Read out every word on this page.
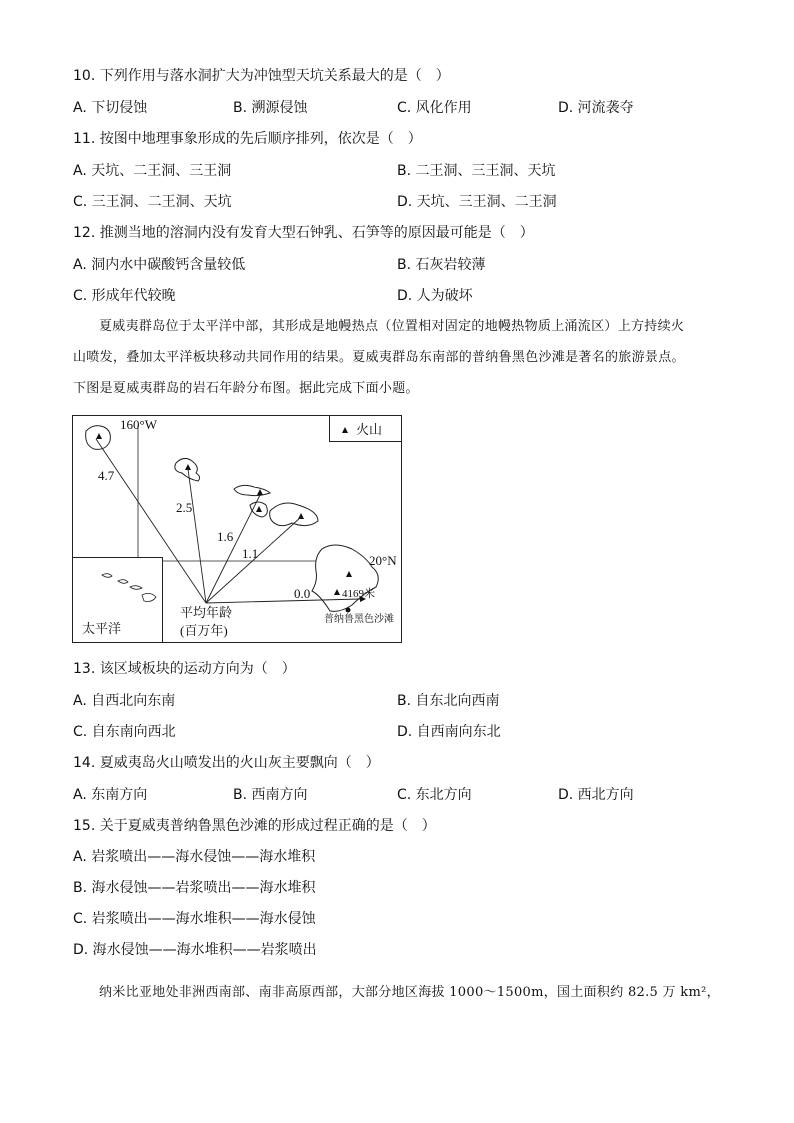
10. 下列作用与落水洞扩大为冲蚀型天坑关系最大的是（　）
A. 下切侵蚀	B. 溯源侵蚀	C. 风化作用	D. 河流袭夺
11. 按图中地理事象形成的先后顺序排列，依次是（　）
A. 天坑、二王洞、三王洞	B. 二王洞、三王洞、天坑
C. 三王洞、二王洞、天坑	D. 天坑、三王洞、二王洞
12. 推测当地的溶洞内没有发育大型石钟乳、石笋等的原因最可能是（　）
A. 洞内水中碳酸钙含量较低	B. 石灰岩较薄
C. 形成年代较晚	D. 人为破坏
夏威夷群岛位于太平洋中部，其形成是地幔热点（位置相对固定的地幔热物质上涌流区）上方持续火
山喷发，叠加太平洋板块移动共同作用的结果。夏威夷群岛东南部的普纳鲁黑色沙滩是著名的旅游景点。
下图是夏威夷群岛的岩石年龄分布图。据此完成下面小题。
160°W
20°N
火山
4.7
2.5
1.6
1.1
0.0
平均年龄
(百万年)
4169米
普纳鲁黑色沙滩
太平洋
13. 该区域板块的运动方向为（　）
A. 自西北向东南	B. 自东北向西南
C. 自东南向西北	D. 自西南向东北
14. 夏威夷岛火山喷发出的火山灰主要飘向（　）
A. 东南方向	B. 西南方向	C. 东北方向	D. 西北方向
15. 关于夏威夷普纳鲁黑色沙滩的形成过程正确的是（　）
A. 岩浆喷出——海水侵蚀——海水堆积
B. 海水侵蚀——岩浆喷出——海水堆积
C. 岩浆喷出——海水堆积——海水侵蚀
D. 海水侵蚀——海水堆积——岩浆喷出
纳米比亚地处非洲西南部、南非高原西部，大部分地区海拔 1000～1500m，国土面积约 82.5 万 km²，
